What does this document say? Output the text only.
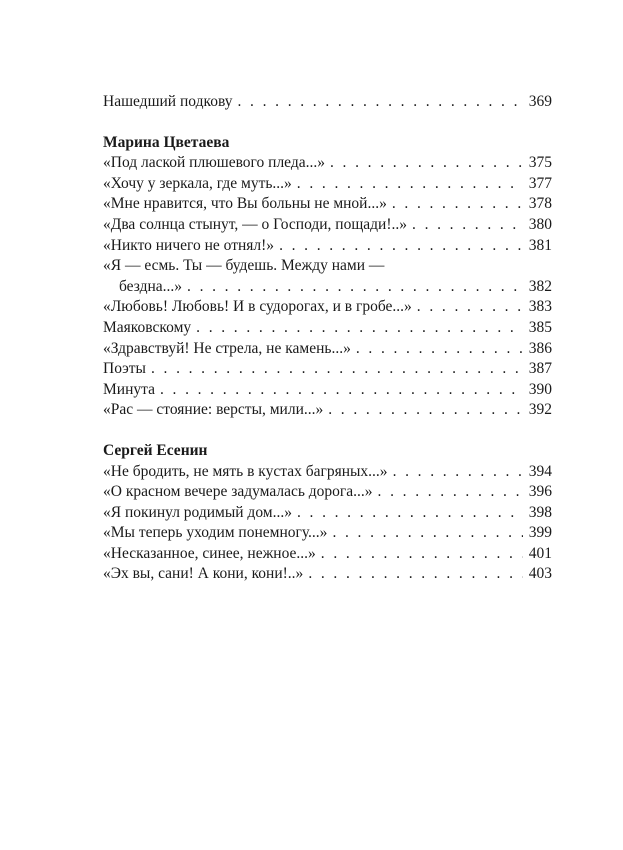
Нашедший подкову . . .	369
Марина Цветаева
«Под лаской плюшевого пледа...» . . .	375
«Хочу у зеркала, где муть...» . . .	377
«Мне нравится, что Вы больны не мной...» . . .	378
«Два солнца стынут, — о Господи, пощади!..» . . .	380
«Никто ничего не отнял!» . . .	381
«Я — есмь. Ты — будешь. Между нами —
бездна...» . . .	382
«Любовь! Любовь! И в судорогах, и в гробе...» . . .	383
Маяковскому . . .	385
«Здравствуй! Не стрела, не камень...» . . .	386
Поэты . . .	387
Минута . . .	390
«Рас — стояние: версты, мили...» . . .	392
Сергей Есенин
«Не бродить, не мять в кустах багряных...» . . .	394
«О красном вечере задумалась дорога...» . . .	396
«Я покинул родимый дом...» . . .	398
«Мы теперь уходим понемногу...» . . .	399
«Несказанное, синее, нежное...» . . .	401
«Эх вы, сани! А кони, кони!..» . . .	403
